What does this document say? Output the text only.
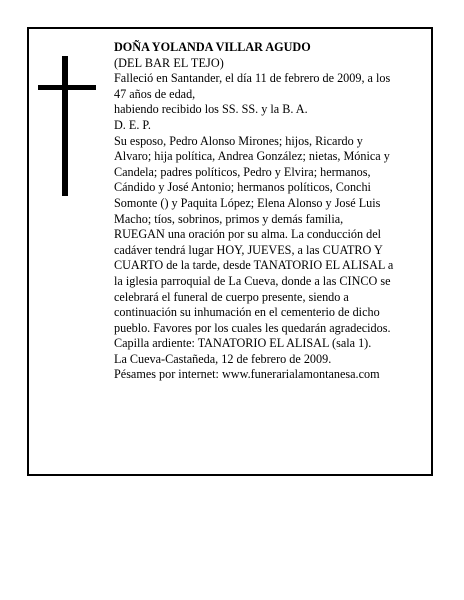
DOÑA YOLANDA VILLAR AGUDO

(DEL BAR EL TEJO)

Falleció en Santander, el día 11 de febrero de 2009, a los 47 años de edad,

habiendo recibido los SS. SS. y la B. A.

D. E. P.

Su esposo, Pedro Alonso Mirones; hijos, Ricardo y Alvaro; hija política, Andrea González; nietas, Mónica y Candela; padres políticos, Pedro y Elvira; hermanos, Cándido y José Antonio; hermanos políticos, Conchi Somonte () y Paquita López; Elena Alonso y José Luis Macho; tíos, sobrinos, primos y demás familia,

RUEGAN una oración por su alma. La conducción del cadáver tendrá lugar HOY, JUEVES, a las CUATRO Y CUARTO de la tarde, desde TANATORIO EL ALISAL a la iglesia parroquial de La Cueva, donde a las CINCO se celebrará el funeral de cuerpo presente, siendo a continuación su inhumación en el cementerio de dicho pueblo. Favores por los cuales les quedarán agradecidos. Capilla ardiente: TANATORIO EL ALISAL (sala 1).

La Cueva-Castañeda, 12 de febrero de 2009.

Pésames por internet: www.funerarialamontanesa.com
